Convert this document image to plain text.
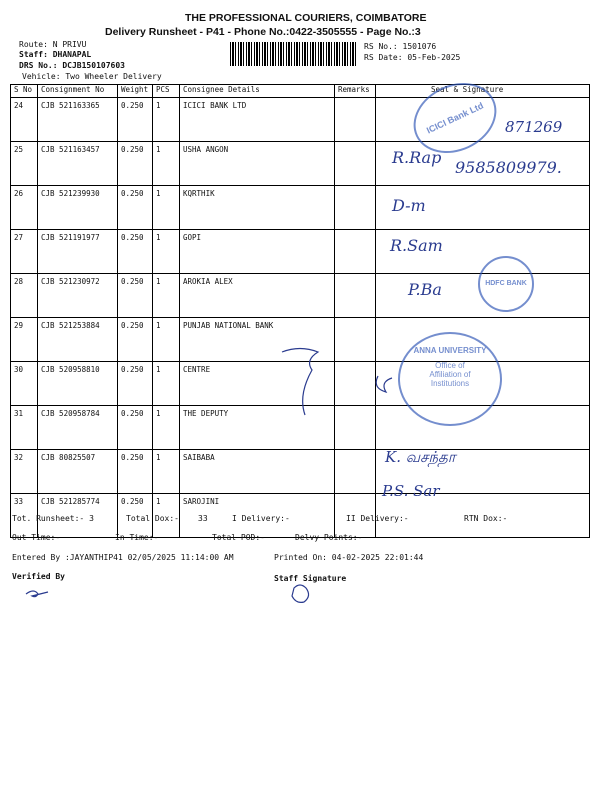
THE PROFESSIONAL COURIERS, COIMBATORE
Delivery Runsheet - P41 - Phone No.:0422-3505555 - Page No.:3
Route: N PRIVU
Staff: DHANAPAL
DRS No.: DCJB150107603
Vehicle: Two Wheeler Delivery
RS No.: 1501076
RS Date: 05-Feb-2025
S No	Consignment No	Weight	PCS	Consignee Details	Remarks	Seal & Signature
24	CJB 521163365	0.250	1	ICICI BANK LTD		
25	CJB 521163457	0.250	1	USHA ANGON		
26	CJB 521239930	0.250	1	KQRTHIK		
27	CJB 521191977	0.250	1	GOPI		
28	CJB 521230972	0.250	1	AROKIA ALEX		
29	CJB 521253884	0.250	1	PUNJAB NATIONAL BANK		
30	CJB 520958810	0.250	1	CENTRE		
31	CJB 520958784	0.250	1	THE DEPUTY		
32	CJB 80825507	0.250	1	SAIBABA		
33	CJB 521285774	0.250	1	SAROJINI		
ICICI Bank Ltd
HDFC BANK
ANNA UNIVERSITY
Office of Affiliation of Institutions
871269
R.Rap
9585809979.
D-m
R.Sam
P.Ba
K. வசந்தா
P.S. Sar
Tot. Runsheet:- 3	Total Dox:- 33	I Delivery:-	II Delivery:-	RTN Dox:-
Out Time:-	In Time:-	Total POD:-	Delvy Points:-
Entered By :JAYANTHIP41 02/05/2025 11:14:00 AM	Printed On: 04-02-2025 22:01:44
Verified By	Staff Signature
